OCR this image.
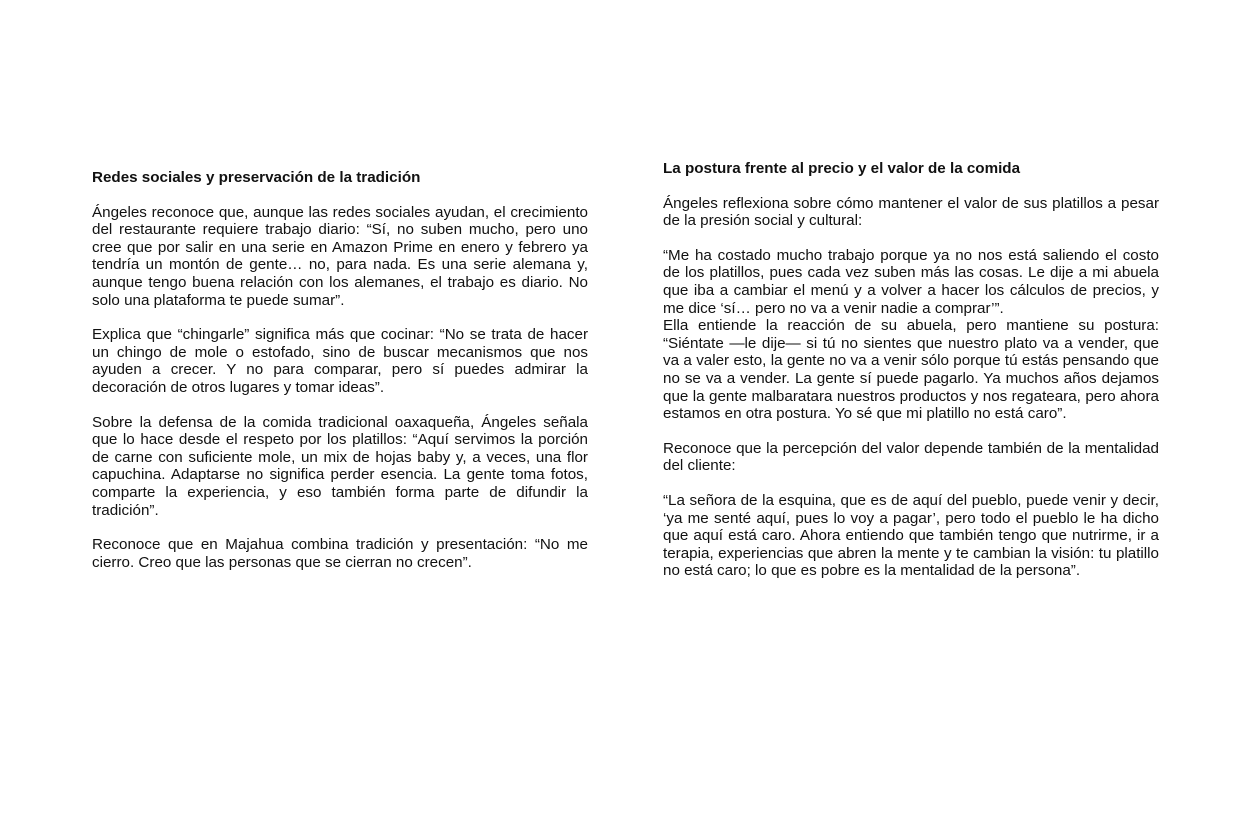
Redes sociales y preservación de la tradición

Ángeles reconoce que, aunque las redes sociales ayudan, el crecimiento del restaurante requiere trabajo diario: “Sí, no suben mucho, pero uno cree que por salir en una serie en Amazon Prime en enero y febrero ya tendría un montón de gente… no, para nada. Es una serie alemana y, aunque tengo buena relación con los alemanes, el trabajo es diario. No solo una plataforma te puede sumar”.

Explica que “chingarle” significa más que cocinar: “No se trata de hacer un chingo de mole o estofado, sino de buscar mecanismos que nos ayuden a crecer. Y no para comparar, pero sí puedes admirar la decoración de otros lugares y tomar ideas”.

Sobre la defensa de la comida tradicional oaxaqueña, Ángeles señala que lo hace desde el respeto por los platillos: “Aquí servimos la porción de carne con suficiente mole, un mix de hojas baby y, a veces, una flor capuchina. Adaptarse no significa perder esencia. La gente toma fotos, comparte la experiencia, y eso también forma parte de difundir la tradición”.

Reconoce que en Majahua combina tradición y presentación: “No me cierro. Creo que las personas que se cierran no crecen”.

La postura frente al precio y el valor de la comida

Ángeles reflexiona sobre cómo mantener el valor de sus platillos a pesar de la presión social y cultural:

“Me ha costado mucho trabajo porque ya no nos está saliendo el costo de los platillos, pues cada vez suben más las cosas. Le dije a mi abuela que iba a cambiar el menú y a volver a hacer los cálculos de precios, y me dice ‘sí… pero no va a venir nadie a comprar’”.

Ella entiende la reacción de su abuela, pero mantiene su postura: “Siéntate —le dije— si tú no sientes que nuestro plato va a vender, que va a valer esto, la gente no va a venir sólo porque tú estás pensando que no se va a vender. La gente sí puede pagarlo. Ya muchos años dejamos que la gente malbaratara nuestros productos y nos regateara, pero ahora estamos en otra postura. Yo sé que mi platillo no está caro”.

Reconoce que la percepción del valor depende también de la mentalidad del cliente:

“La señora de la esquina, que es de aquí del pueblo, puede venir y decir, ‘ya me senté aquí, pues lo voy a pagar’, pero todo el pueblo le ha dicho que aquí está caro. Ahora entiendo que también tengo que nutrirme, ir a terapia, experiencias que abren la mente y te cambian la visión: tu platillo no está caro; lo que es pobre es la mentalidad de la persona”.
